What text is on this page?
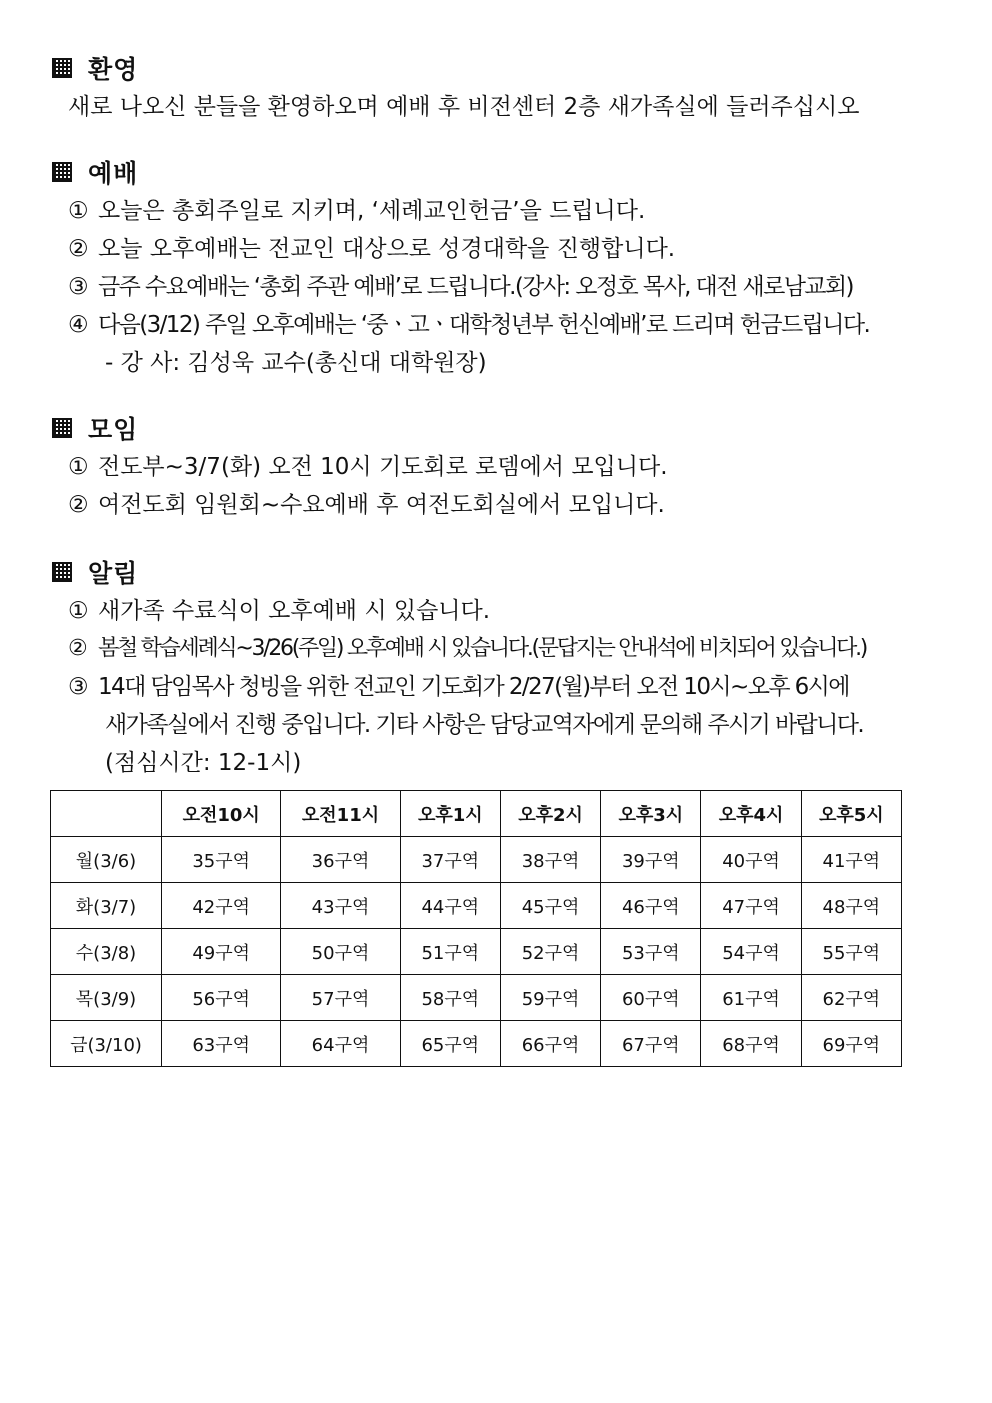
환영
새로 나오신 분들을 환영하오며 예배 후 비전센터 2층 새가족실에 들러주십시오
예배
① 오늘은 총회주일로 지키며, ‘세례교인헌금’을 드립니다.
② 오늘 오후예배는 전교인 대상으로 성경대학을 진행합니다.
③ 금주 수요예배는 ‘총회 주관 예배’로 드립니다.(강사: 오정호 목사, 대전 새로남교회)
④ 다음(3/12) 주일 오후예배는 ‘중ㆍ고ㆍ대학청년부 헌신예배’로 드리며 헌금드립니다.
- 강 사: 김성욱 교수(총신대 대학원장)
모임
① 전도부~3/7(화) 오전 10시 기도회로 로뎀에서 모입니다.
② 여전도회 임원회~수요예배 후 여전도회실에서 모입니다.
알림
① 새가족 수료식이 오후예배 시 있습니다.
② 봄철 학습세례식~3/26(주일) 오후예배 시 있습니다.(문답지는 안내석에 비치되어 있습니다.)
③ 14대 담임목사 청빙을 위한 전교인 기도회가 2/27(월)부터 오전 10시~오후 6시에
새가족실에서 진행 중입니다. 기타 사항은 담당교역자에게 문의해 주시기 바랍니다.
(점심시간: 12-1시)
	오전10시	오전11시	오후1시	오후2시	오후3시	오후4시	오후5시
월(3/6)	35구역	36구역	37구역	38구역	39구역	40구역	41구역
화(3/7)	42구역	43구역	44구역	45구역	46구역	47구역	48구역
수(3/8)	49구역	50구역	51구역	52구역	53구역	54구역	55구역
목(3/9)	56구역	57구역	58구역	59구역	60구역	61구역	62구역
금(3/10)	63구역	64구역	65구역	66구역	67구역	68구역	69구역
